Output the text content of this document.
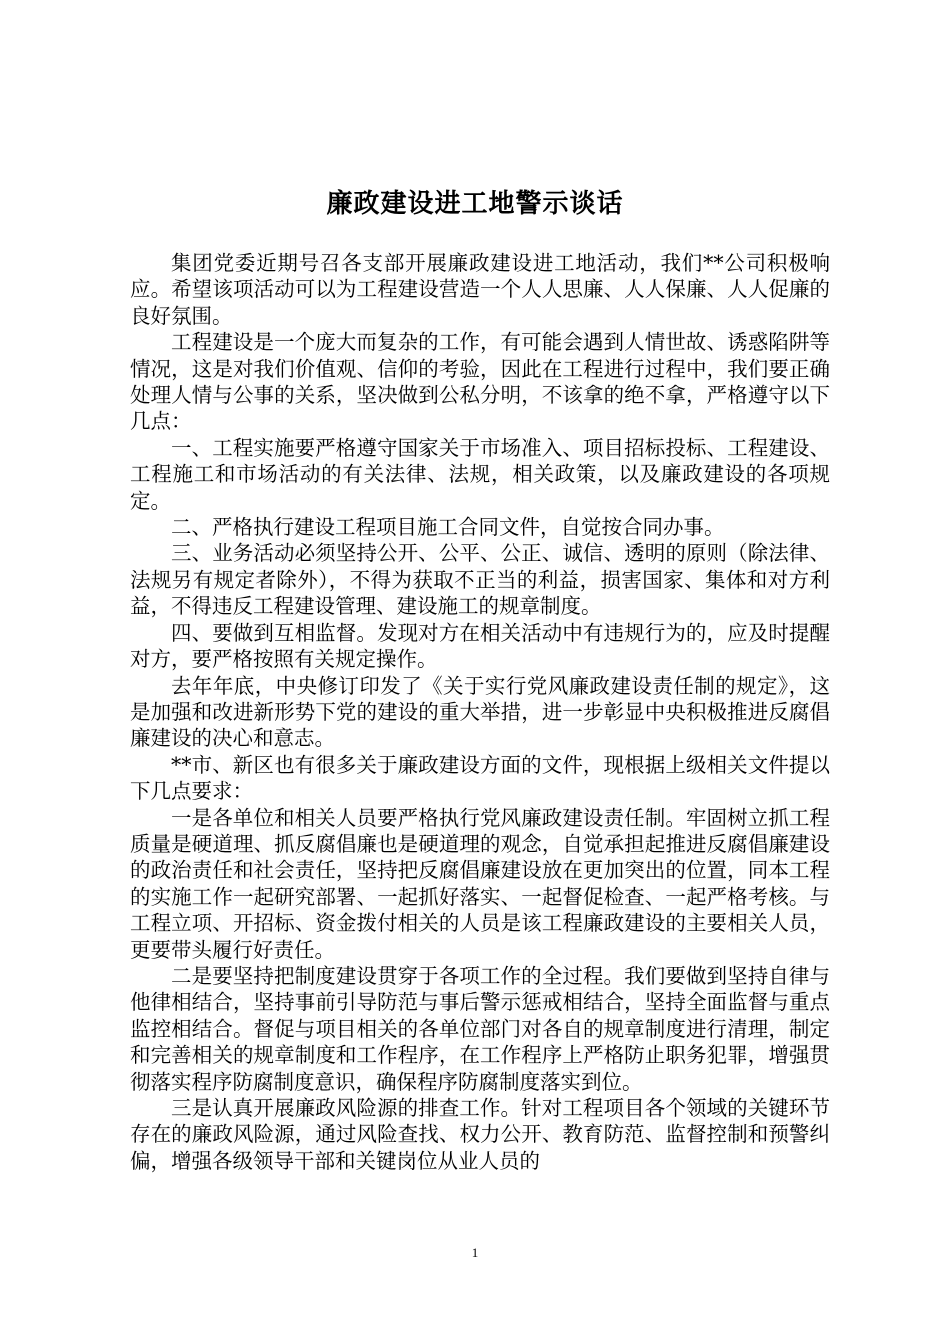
廉政建设进工地警示谈话

集团党委近期号召各支部开展廉政建设进工地活动，我们**公司积极响应。希望该项活动可以为工程建设营造一个人人思廉、人人保廉、人人促廉的良好氛围。

工程建设是一个庞大而复杂的工作，有可能会遇到人情世故、诱惑陷阱等情况，这是对我们价值观、信仰的考验，因此在工程进行过程中，我们要正确处理人情与公事的关系，坚决做到公私分明，不该拿的绝不拿，严格遵守以下几点：

一、工程实施要严格遵守国家关于市场准入、项目招标投标、工程建设、工程施工和市场活动的有关法律、法规，相关政策，以及廉政建设的各项规定。

二、严格执行建设工程项目施工合同文件，自觉按合同办事。

三、业务活动必须坚持公开、公平、公正、诚信、透明的原则（除法律、法规另有规定者除外），不得为获取不正当的利益，损害国家、集体和对方利益，不得违反工程建设管理、建设施工的规章制度。

四、要做到互相监督。发现对方在相关活动中有违规行为的，应及时提醒对方，要严格按照有关规定操作。

去年年底，中央修订印发了《关于实行党风廉政建设责任制的规定》，这是加强和改进新形势下党的建设的重大举措，进一步彰显中央积极推进反腐倡廉建设的决心和意志。

**市、新区也有很多关于廉政建设方面的文件，现根据上级相关文件提以下几点要求：

一是各单位和相关人员要严格执行党风廉政建设责任制。牢固树立抓工程质量是硬道理、抓反腐倡廉也是硬道理的观念，自觉承担起推进反腐倡廉建设的政治责任和社会责任，坚持把反腐倡廉建设放在更加突出的位置，同本工程的实施工作一起研究部署、一起抓好落实、一起督促检查、一起严格考核。与工程立项、开招标、资金拨付相关的人员是该工程廉政建设的主要相关人员，更要带头履行好责任。

二是要坚持把制度建设贯穿于各项工作的全过程。我们要做到坚持自律与他律相结合，坚持事前引导防范与事后警示惩戒相结合，坚持全面监督与重点监控相结合。督促与项目相关的各单位部门对各自的规章制度进行清理，制定和完善相关的规章制度和工作程序，在工作程序上严格防止职务犯罪，增强贯彻落实程序防腐制度意识，确保程序防腐制度落实到位。

三是认真开展廉政风险源的排查工作。针对工程项目各个领域的关键环节存在的廉政风险源，通过风险查找、权力公开、教育防范、监督控制和预警纠偏，增强各级领导干部和关键岗位从业人员的

1
